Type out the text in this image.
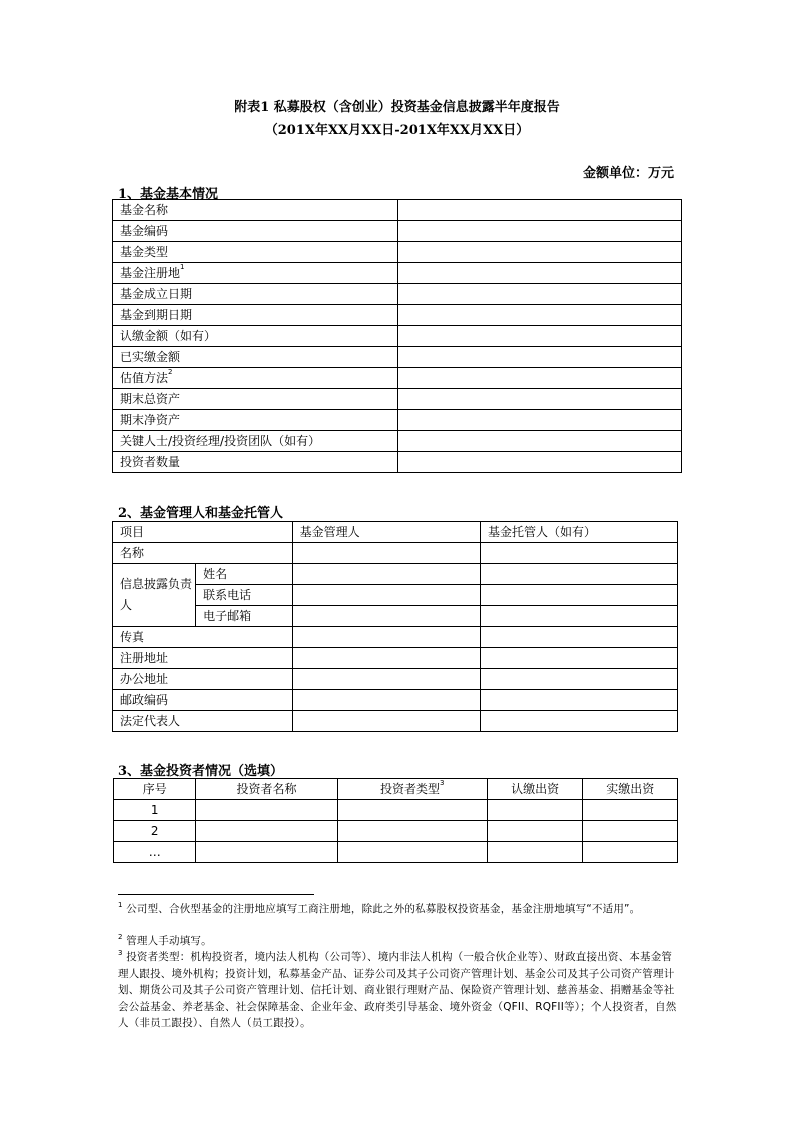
附表1 私募股权（含创业）投资基金信息披露半年度报告
（201X年XX月XX日-201X年XX月XX日）
金额单位：万元
1、基金基本情况
基金名称	
基金编码	
基金类型	
基金注册地$^1$	
基金成立日期	
基金到期日期	
认缴金额（如有）	
已实缴金额	
估值方法$^2$	
期末总资产	
期末净资产	
关键人士/投资经理/投资团队（如有）	
投资者数量	
2、基金管理人和基金托管人
项目		基金管理人	基金托管人（如有）
名称			
信息披露负责人	姓名		
	联系电话		
	电子邮箱		
传真			
注册地址			
办公地址			
邮政编码			
法定代表人			
3、基金投资者情况（选填）
序号	投资者名称	投资者类型$^3$	认缴出资	实缴出资
1				
2				
…				
$^1$ 公司型、合伙型基金的注册地应填写工商注册地，除此之外的私募股权投资基金，基金注册地填写“不适用”。
$^2$ 管理人手动填写。
$^3$ 投资者类型：机构投资者，境内法人机构（公司等）、境内非法人机构（一般合伙企业等）、财政直接出资、本基金管理人跟投、境外机构；投资计划，私募基金产品、证券公司及其子公司资产管理计划、基金公司及其子公司资产管理计划、期货公司及其子公司资产管理计划、信托计划、商业银行理财产品、保险资产管理计划、慈善基金、捐赠基金等社会公益基金、养老基金、社会保障基金、企业年金、政府类引导基金、境外资金（QFII、RQFII等）；个人投资者，自然人（非员工跟投）、自然人（员工跟投）。
